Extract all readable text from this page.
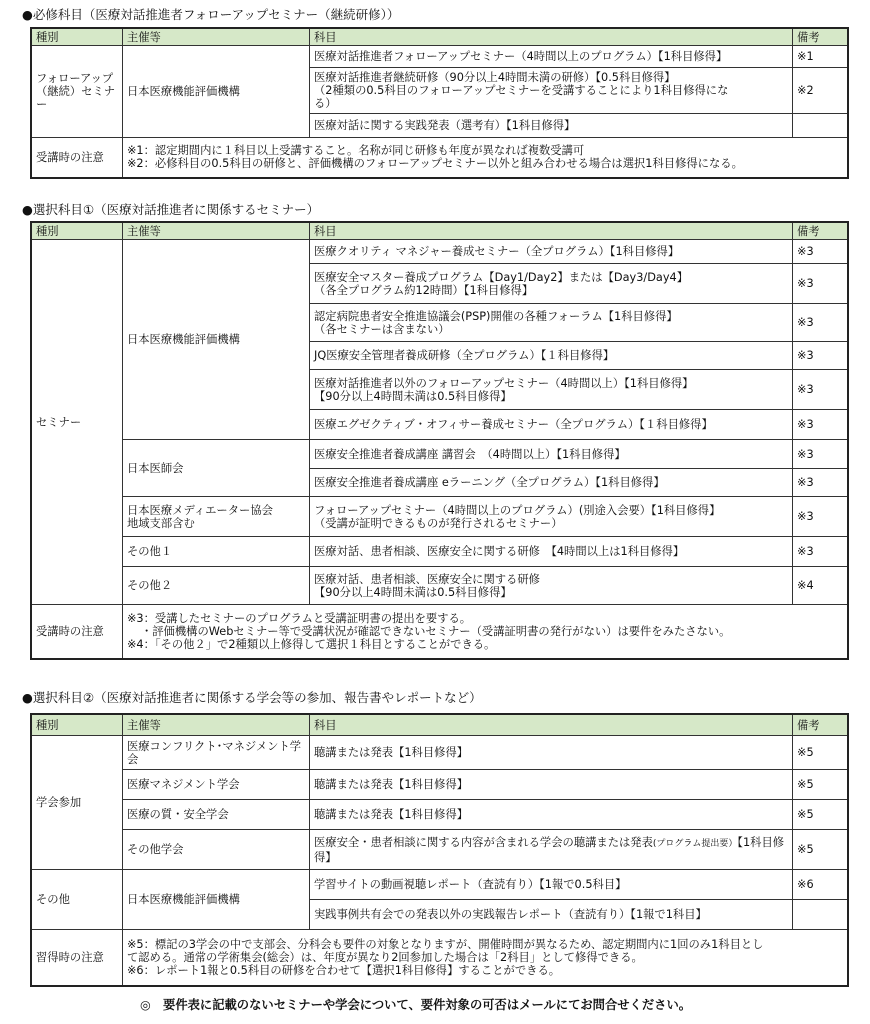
●必修科目（医療対話推進者フォローアップセミナー（継続研修））
種別	主催等	科目	備考
フォローアップ（継続）セミナー	日本医療機能評価機構	医療対話推進者フォローアップセミナー（4時間以上のプログラム）【1科目修得】	※1

		医療対話推進者継続研修（90分以上4時間未満の研修）【0.5科目修得】
（2種類の0.5科目のフォローアップセミナーを受講することにより1科目修得にな
る）	※2

		医療対話に関する実践発表（選考有）【1科目修得】	

受講時の注意	※1：認定期間内に１科目以上受講すること。名称が同じ研修も年度が異なれば複数受講可
※2：必修科目の0.5科目の研修と、評価機構のフォローアップセミナー以外と組み合わせる場合は選択1科目修得になる。		
●選択科目①（医療対話推進者に関係するセミナー）
種別	主催等	科目	備考
セミナー	日本医療機能評価機構	医療クオリティ マネジャー養成セミナー（全プログラム）【1科目修得】	※3

		医療安全マスター養成プログラム【Day1/Day2】または【Day3/Day4】
（各全プログラム約12時間）【1科目修得】	※3

		認定病院患者安全推進協議会(PSP)開催の各種フォーラム【1科目修得】
（各セミナーは含まない）	※3

		JQ医療安全管理者養成研修（全プログラム）【１科目修得】	※3

		医療対話推進者以外のフォローアップセミナー（4時間以上）【1科目修得】
【90分以上4時間未満は0.5科目修得】	※3

		医療エグゼクティブ・オフィサー養成セミナー（全プログラム）【１科目修得】	※3
	日本医師会	医療安全推進者養成講座 講習会　（4時間以上）【1科目修得】	※3

		医療安全推進者養成講座 eラーニング（全プログラム）【1科目修得】	※3
	日本医療メディエーター協会
地域支部含む	フォローアップセミナー（4時間以上のプログラム）(別途入会要）【1科目修得】
（受講が証明できるものが発行されるセミナー）	※3
	その他１	医療対話、患者相談、医療安全に関する研修　【4時間以上は1科目修得】	※3
	その他２	医療対話、患者相談、医療安全に関する研修
【90分以上4時間未満は0.5科目修得】	※4
受講時の注意	※3：受講したセミナーのプログラムと受講証明書の提出を要する。
・評価機構のWebセミナー等で受講状況が確認できないセミナー（受講証明書の発行がない）は要件をみたさない。
※4：「その他２」で2種類以上修得して選択１科目とすることができる。		
●選択科目②（医療対話推進者に関係する学会等の参加、報告書やレポートなど）
種別	主催等	科目	備考
学会参加	医療コンフリクト･マネジメント学会	聴講または発表【1科目修得】	※5
	医療マネジメント学会	聴講または発表【1科目修得】	※5
	医療の質・安全学会	聴講または発表【1科目修得】	※5
	その他学会	医療安全・患者相談に関する内容が含まれる学会の聴講または発表(プログラム提出要）【1科目修得】	※5
その他	日本医療機能評価機構	学習サイトの動画視聴レポート（査読有り）【1報で0.5科目】	※6
		実践事例共有会での発表以外の実践報告レポート（査読有り）【1報で1科目】	
習得時の注意	※5：標記の3学会の中で支部会、分科会も要件の対象となりますが、開催時間が異なるため、認定期間内に1回のみ1科目とし
て認める。通常の学術集会(総会）は、年度が異なり2回参加した場合は「2科目」として修得できる。
※6：レポート1報と0.5科目の研修を合わせて【選択1科目修得】することができる。		
◎　要件表に記載のないセミナーや学会について、要件対象の可否はメールにてお問合せください。
